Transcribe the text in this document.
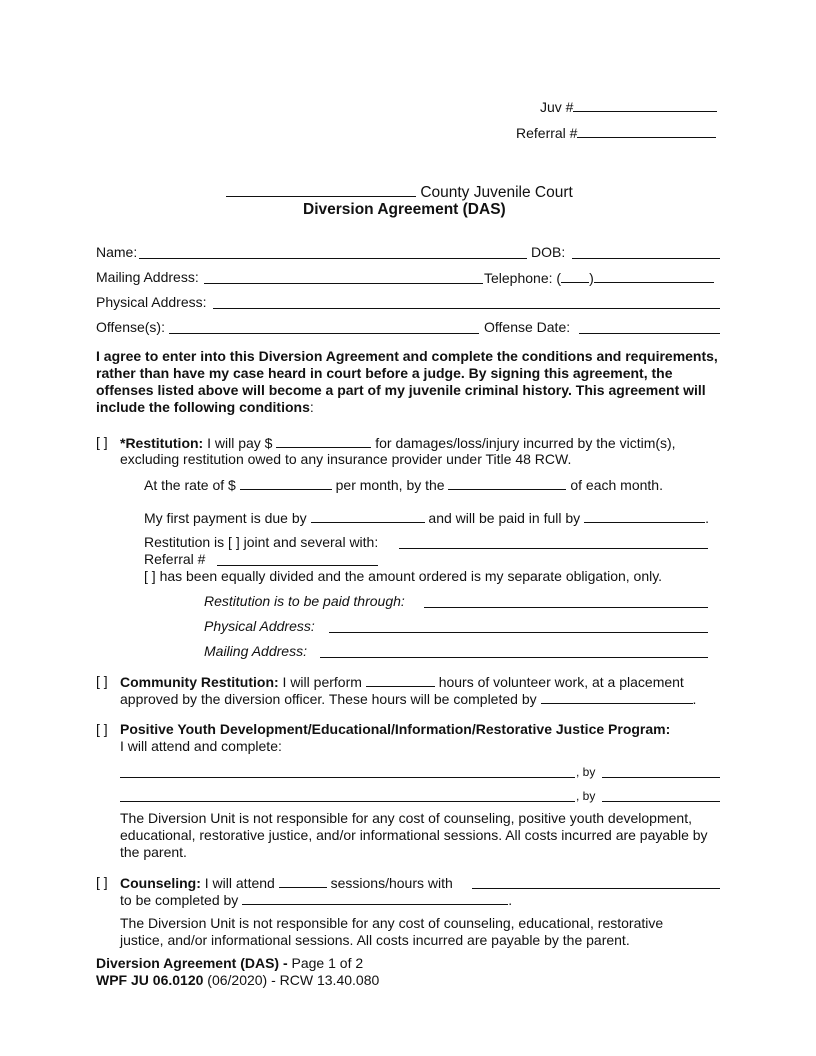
Juv #
Referral #
County Juvenile Court
Diversion Agreement (DAS)
Name:	DOB:
Mailing Address:	Telephone: ( )
Physical Address:
Offense(s):	Offense Date:
I agree to enter into this Diversion Agreement and complete the conditions and requirements, rather than have my case heard in court before a judge. By signing this agreement, the offenses listed above will become a part of my juvenile criminal history. This agreement will include the following conditions:
[ ] *Restitution: I will pay $	for damages/loss/injury incurred by the victim(s),
excluding restitution owed to any insurance provider under Title 48 RCW.
At the rate of $	per month, by the	of each month.
My first payment is due by	and will be paid in full by	.
Restitution is [ ] joint and several with:
Referral #
[ ] has been equally divided and the amount ordered is my separate obligation, only.
Restitution is to be paid through:
Physical Address:
Mailing Address:
[ ] Community Restitution: I will perform	hours of volunteer work, at a placement
approved by the diversion officer. These hours will be completed by	.
[ ] Positive Youth Development/Educational/Information/Restorative Justice Program:
I will attend and complete:
, by
, by
The Diversion Unit is not responsible for any cost of counseling, positive youth development, educational, restorative justice, and/or informational sessions. All costs incurred are payable by the parent.
[ ] Counseling: I will attend	sessions/hours with
to be completed by	.
The Diversion Unit is not responsible for any cost of counseling, educational, restorative justice, and/or informational sessions. All costs incurred are payable by the parent.
Diversion Agreement (DAS) - Page 1 of 2
WPF JU 06.0120 (06/2020) - RCW 13.40.080
